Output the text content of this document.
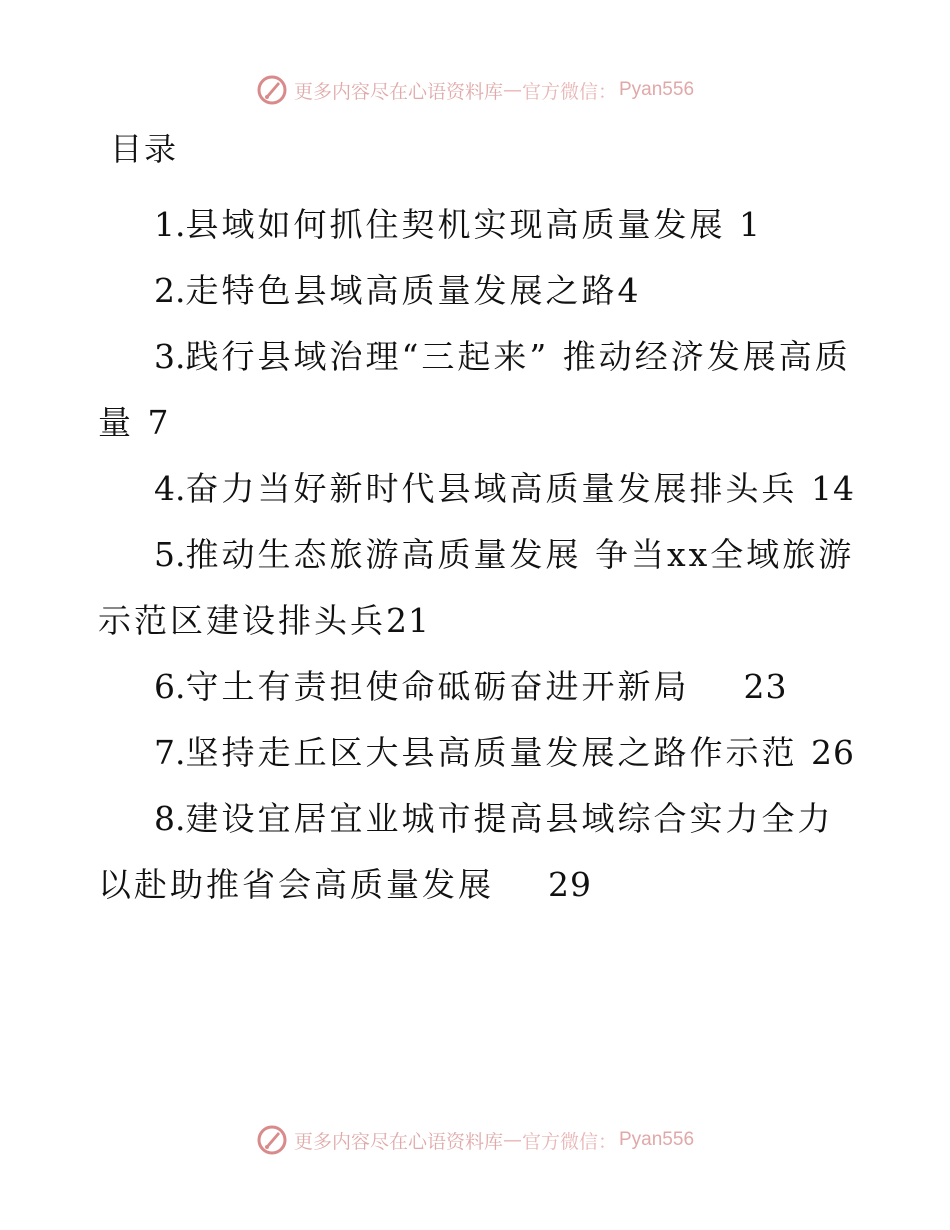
更多内容尽在心语资料库 — 官方微信： Pyan556
目录

1.县域如何抓住契机实现高质量发展 1

2.走特色县域高质量发展之路4

3.践行县域治理“三起来” 推动经济发展高质量 7

4.奋力当好新时代县域高质量发展排头兵 14

5.推动生态旅游高质量发展 争当xx全域旅游示范区建设排头兵21

6.守土有责担使命砥砺奋进开新局 23

7.坚持走丘区大县高质量发展之路作示范 26

8.建设宜居宜业城市提高县域综合实力全力以赴助推省会高质量发展 29

更多内容尽在心语资料库 — 官方微信： Pyan556
